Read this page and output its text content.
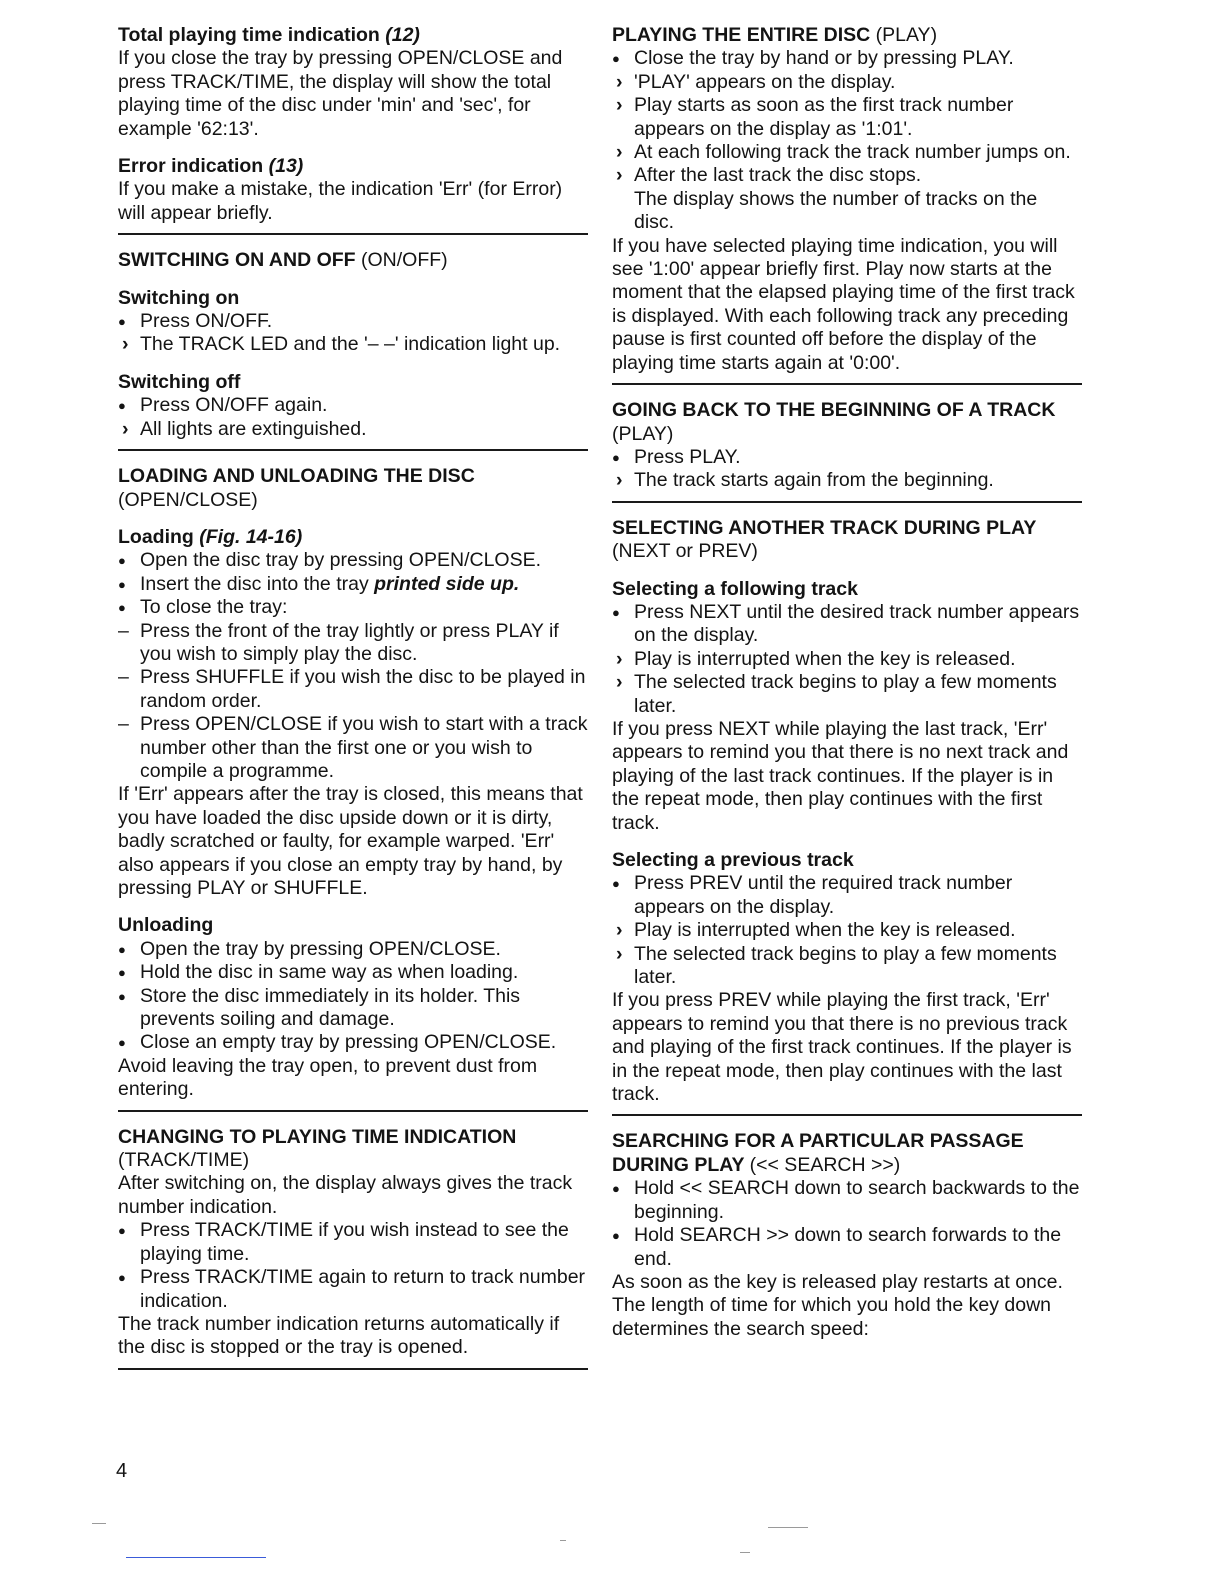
Total playing time indication (12)

If you close the tray by pressing OPEN/CLOSE and press TRACK/TIME, the display will show the total playing time of the disc under 'min' and 'sec', for example '62:13'.

Error indication (13)

If you make a mistake, the indication 'Err' (for Error) will appear briefly.

SWITCHING ON AND OFF (ON/OFF)
Switching on
● Press ON/OFF.
› The TRACK LED and the '– –' indication light up.
Switching off
● Press ON/OFF again.
› All lights are extinguished.
LOADING AND UNLOADING THE DISC
(OPEN/CLOSE)
Loading (Fig. 14-16)
● Open the disc tray by pressing OPEN/CLOSE.
● Insert the disc into the tray printed side up.
● To close the tray:
– Press the front of the tray lightly or press PLAY if you wish to simply play the disc.
– Press SHUFFLE if you wish the disc to be played in random order.
– Press OPEN/CLOSE if you wish to start with a track number other than the first one or you wish to compile a programme.

If 'Err' appears after the tray is closed, this means that you have loaded the disc upside down or it is dirty, badly scratched or faulty, for example warped. 'Err' also appears if you close an empty tray by hand, by pressing PLAY or SHUFFLE.

Unloading
● Open the tray by pressing OPEN/CLOSE.
● Hold the disc in same way as when loading.
● Store the disc immediately in its holder. This prevents soiling and damage.
● Close an empty tray by pressing OPEN/CLOSE.

Avoid leaving the tray open, to prevent dust from entering.

CHANGING TO PLAYING TIME INDICATION
(TRACK/TIME)

After switching on, the display always gives the track number indication.

● Press TRACK/TIME if you wish instead to see the playing time.
● Press TRACK/TIME again to return to track number indication.

The track number indication returns automatically if the disc is stopped or the tray is opened.

PLAYING THE ENTIRE DISC (PLAY)
● Close the tray by hand or by pressing PLAY.
› 'PLAY' appears on the display.
› Play starts as soon as the first track number appears on the display as '1:01'.
› At each following track the track number jumps on.
› After the last track the disc stops.
The display shows the number of tracks on the disc.

If you have selected playing time indication, you will see '1:00' appear briefly first. Play now starts at the moment that the elapsed playing time of the first track is displayed. With each following track any preceding pause is first counted off before the display of the playing time starts again at '0:00'.

GOING BACK TO THE BEGINNING OF A TRACK
(PLAY)
● Press PLAY.
› The track starts again from the beginning.
SELECTING ANOTHER TRACK DURING PLAY
(NEXT or PREV)
Selecting a following track
● Press NEXT until the desired track number appears on the display.
› Play is interrupted when the key is released.
› The selected track begins to play a few moments later.

If you press NEXT while playing the last track, 'Err' appears to remind you that there is no next track and playing of the last track continues. If the player is in the repeat mode, then play continues with the first track.

Selecting a previous track
● Press PREV until the required track number appears on the display.
› Play is interrupted when the key is released.
› The selected track begins to play a few moments later.

If you press PREV while playing the first track, 'Err' appears to remind you that there is no previous track and playing of the first track continues. If the player is in the repeat mode, then play continues with the last track.

SEARCHING FOR A PARTICULAR PASSAGE DURING PLAY (<< SEARCH >>)
● Hold << SEARCH down to search backwards to the beginning.
● Hold SEARCH >> down to search forwards to the end.

As soon as the key is released play restarts at once. The length of time for which you hold the key down determines the search speed:

4
